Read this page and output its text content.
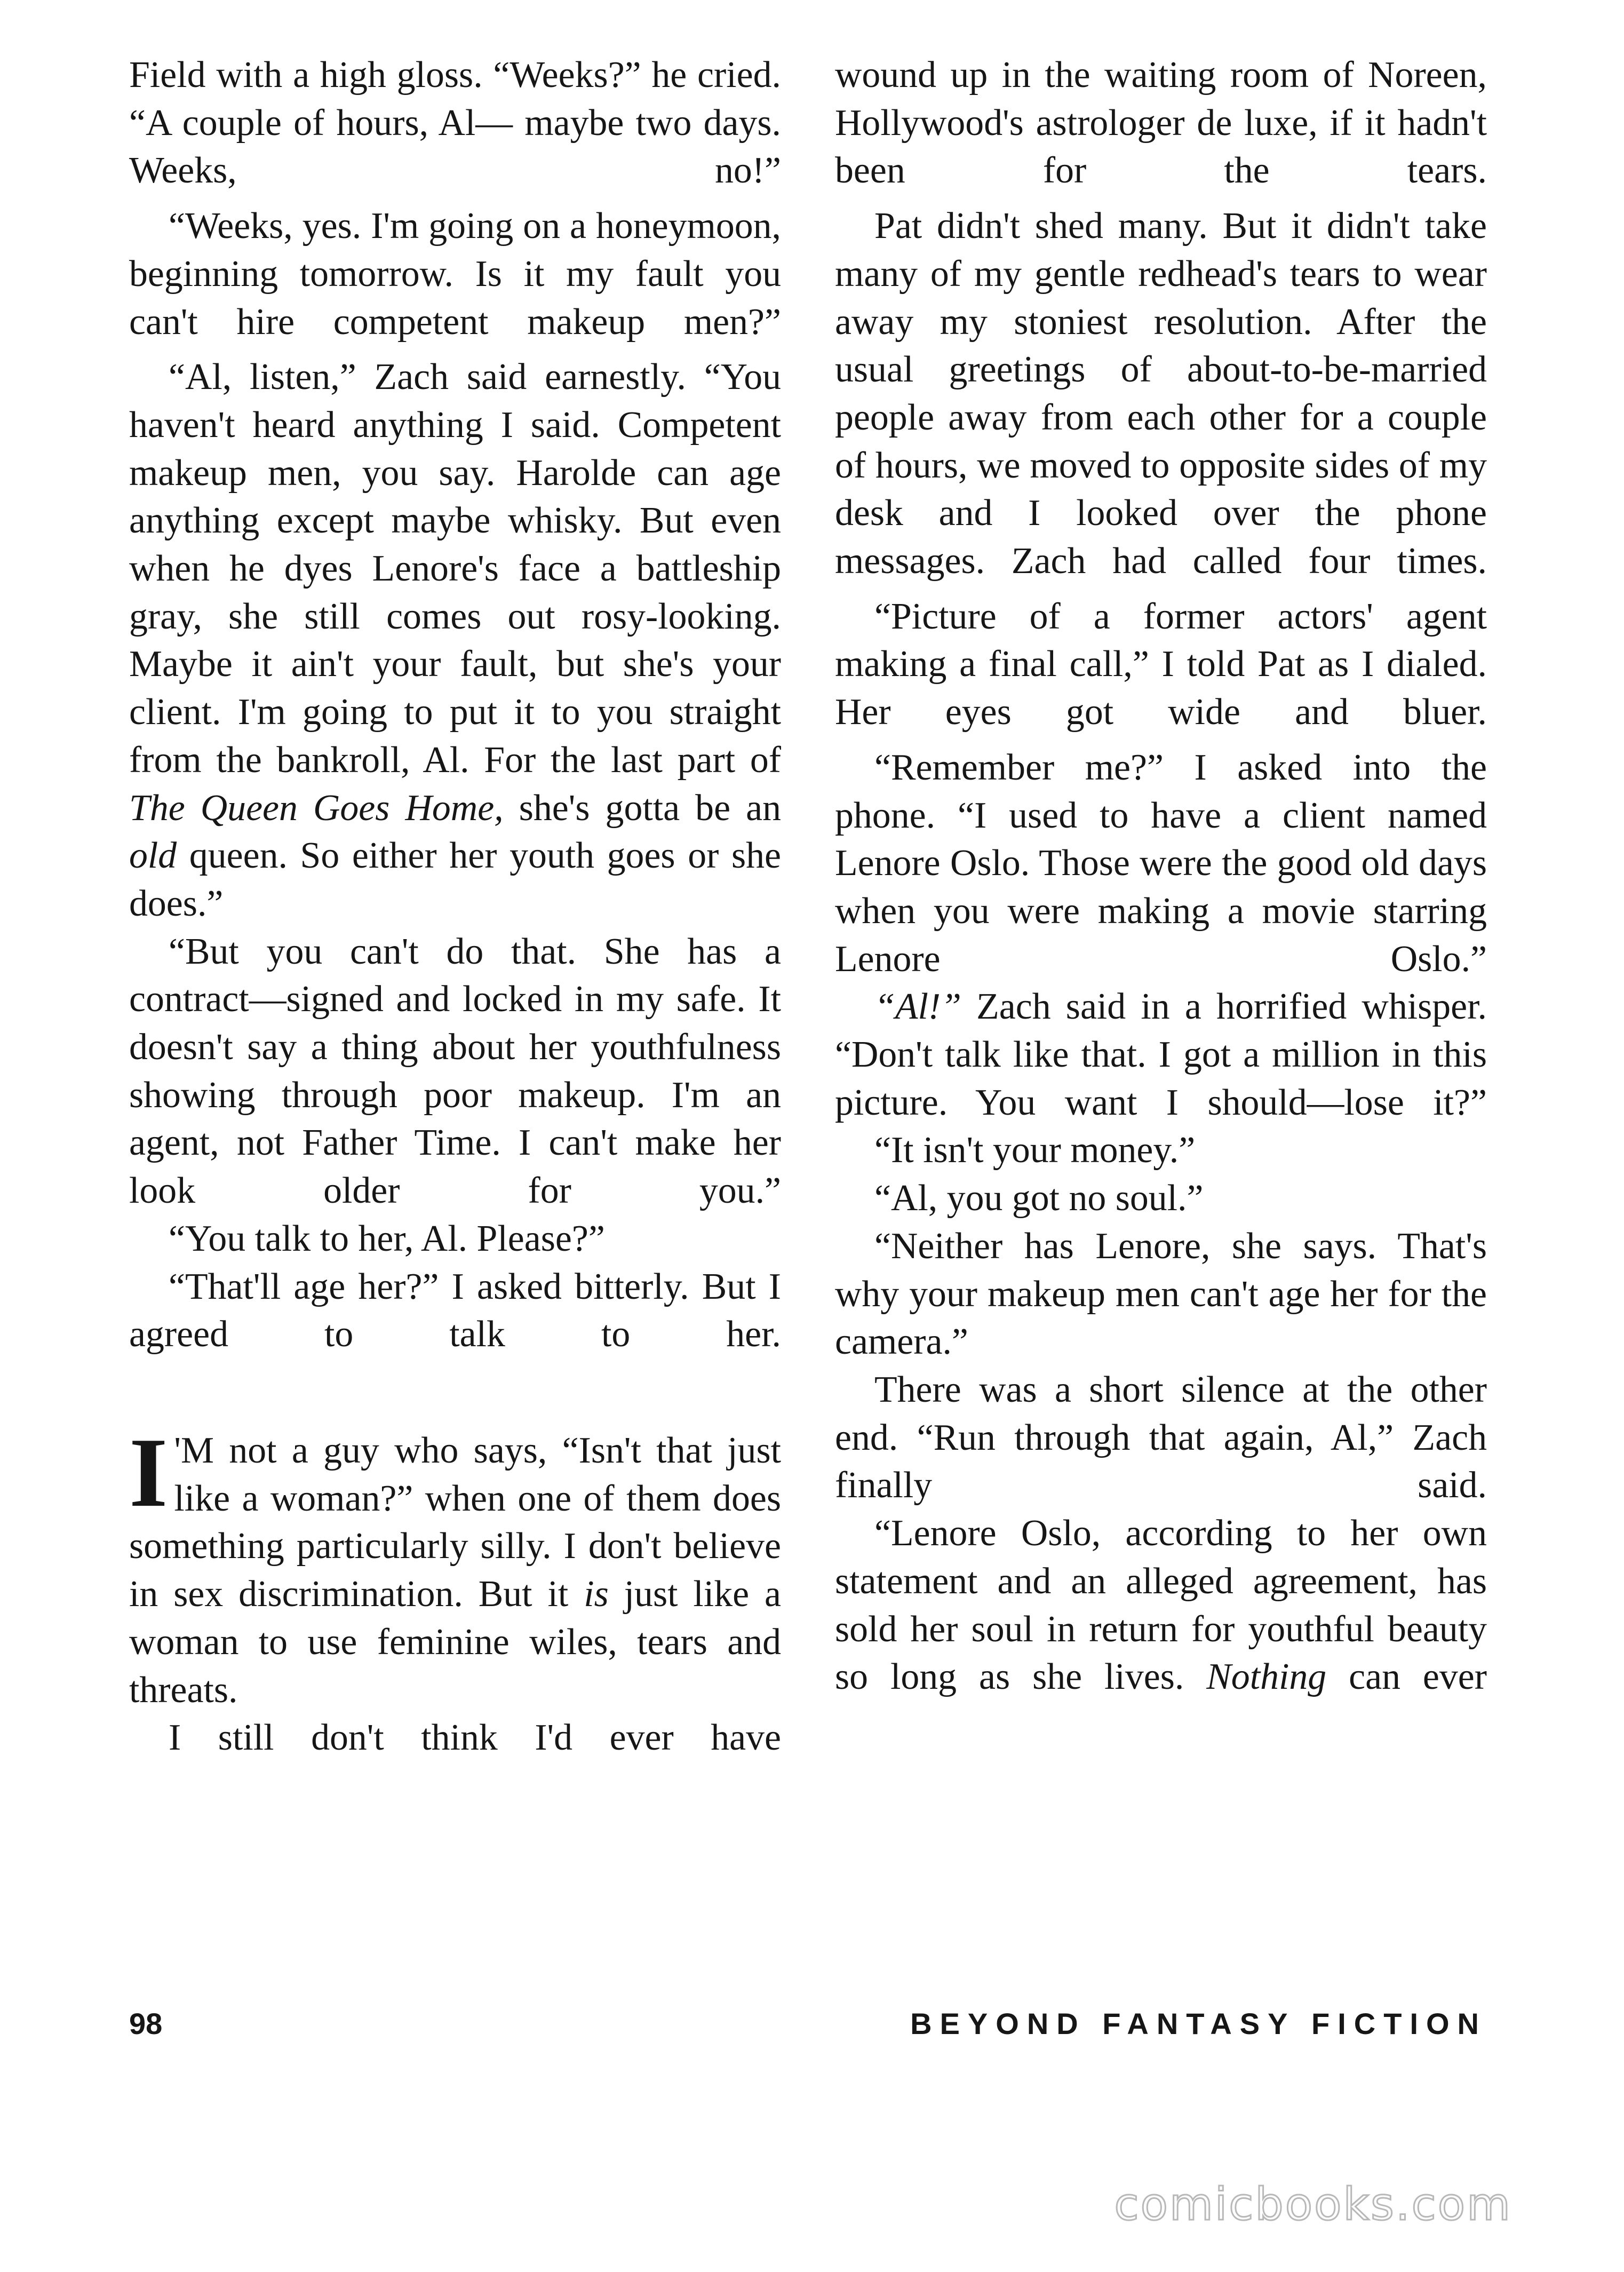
Field with a high gloss. “Weeks?” he cried. “A couple of hours, Al— maybe two days. Weeks, no!”

“Weeks, yes. I'm going on a honeymoon, beginning tomorrow. Is it my fault you can't hire competent makeup men?”

“Al, listen,” Zach said earnestly. “You haven't heard anything I said. Competent makeup men, you say. Harolde can age anything except maybe whisky. But even when he dyes Lenore's face a battleship gray, she still comes out rosy-looking. Maybe it ain't your fault, but she's your client. I'm going to put it to you straight from the bankroll, Al. For the last part of The Queen Goes Home, she's gotta be an old queen. So either her youth goes or she does.”

“But you can't do that. She has a contract—signed and locked in my safe. It doesn't say a thing about her youthfulness showing through poor makeup. I'm an agent, not Father Time. I can't make her look older for you.”

“You talk to her, Al. Please?”

“That'll age her?” I asked bitterly. But I agreed to talk to her.

I 'M not a guy who says, “Isn't that just like a woman?” when one of them does something particularly silly. I don't believe in sex discrimination. But it is just like a woman to use feminine wiles, tears and threats.

I still don't think I'd ever have

wound up in the waiting room of Noreen, Hollywood's astrologer de luxe, if it hadn't been for the tears.

Pat didn't shed many. But it didn't take many of my gentle redhead's tears to wear away my stoniest resolution. After the usual greetings of about-to-be-married people away from each other for a couple of hours, we moved to opposite sides of my desk and I looked over the phone messages. Zach had called four times.

“Picture of a former actors' agent making a final call,” I told Pat as I dialed. Her eyes got wide and bluer.

“Remember me?” I asked into the phone. “I used to have a client named Lenore Oslo. Those were the good old days when you were making a movie starring Lenore Oslo.”

“Al!” Zach said in a horrified whisper. “Don't talk like that. I got a million in this picture. You want I should—lose it?”

“It isn't your money.”

“Al, you got no soul.”

“Neither has Lenore, she says. That's why your makeup men can't age her for the camera.”

There was a short silence at the other end. “Run through that again, Al,” Zach finally said.

“Lenore Oslo, according to her own statement and an alleged agreement, has sold her soul in return for youthful beauty so long as she lives. Nothing can ever

98	BEYOND FANTASY FICTION
comicbooks.com
